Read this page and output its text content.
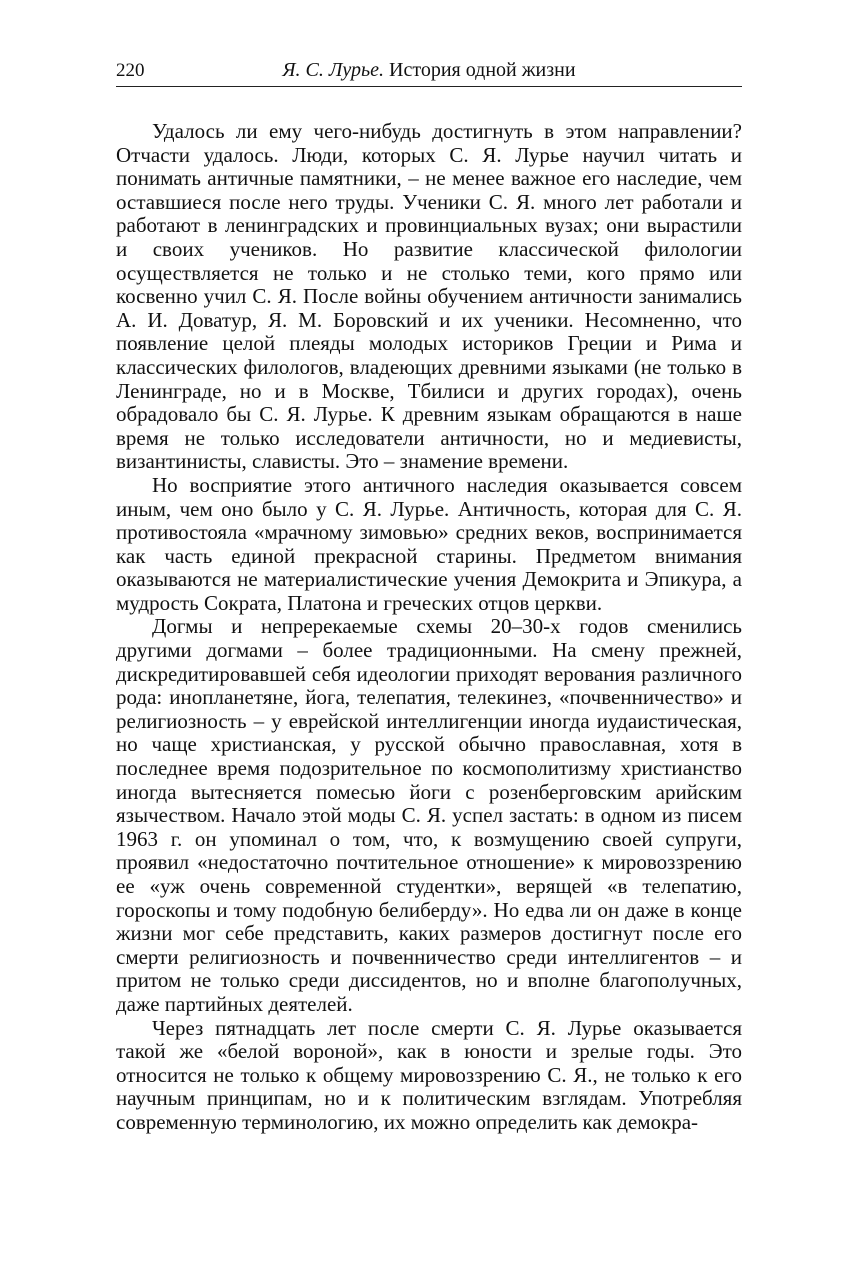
220	Я. С. Лурье. История одной жизни

Удалось ли ему чего-нибудь достигнуть в этом направлении? Отчасти удалось. Люди, которых С. Я. Лурье научил читать и понимать античные памятники, – не менее важное его наследие, чем оставшиеся после него труды. Ученики С. Я. много лет работали и работают в ленинградских и провинциальных вузах; они вырастили и своих учеников. Но развитие классической филологии осуществляется не только и не столько теми, кого прямо или косвенно учил С. Я. После войны обучением античности занимались А. И. Доватур, Я. М. Боровский и их ученики. Несомненно, что появление целой плеяды молодых историков Греции и Рима и классических филологов, владеющих древними языками (не только в Ленинграде, но и в Москве, Тбилиси и других городах), очень обрадовало бы С. Я. Лурье. К древним языкам обращаются в наше время не только исследователи античности, но и медиевисты, византинисты, слависты. Это – знамение времени.

Но восприятие этого античного наследия оказывается совсем иным, чем оно было у С. Я. Лурье. Античность, которая для С. Я. противостояла «мрачному зимовью» средних веков, воспринимается как часть единой прекрасной старины. Предметом внимания оказываются не материалистические учения Демокрита и Эпикура, а мудрость Сократа, Платона и греческих отцов церкви.

Догмы и непререкаемые схемы 20–30-х годов сменились другими догмами – более традиционными. На смену прежней, дискредитировавшей себя идеологии приходят верования различного рода: инопланетяне, йога, телепатия, телекинез, «почвенничество» и религиозность – у еврейской интеллигенции иногда иудаистическая, но чаще христианская, у русской обычно православная, хотя в последнее время подозрительное по космополитизму христианство иногда вытесняется помесью йоги с розенберговским арийским язычеством. Начало этой моды С. Я. успел застать: в одном из писем 1963 г. он упоминал о том, что, к возмущению своей супруги, проявил «недостаточно почтительное отношение» к мировоззрению ее «уж очень современной студентки», верящей «в телепатию, гороскопы и тому подобную белиберду». Но едва ли он даже в конце жизни мог себе представить, каких размеров достигнут после его смерти религиозность и почвенничество среди интеллигентов – и притом не только среди диссидентов, но и вполне благополучных, даже партийных деятелей.

Через пятнадцать лет после смерти С. Я. Лурье оказывается такой же «белой вороной», как в юности и зрелые годы. Это относится не только к общему мировоззрению С. Я., не только к его научным принципам, но и к политическим взглядам. Употребляя современную терминологию, их можно определить как демокра-
